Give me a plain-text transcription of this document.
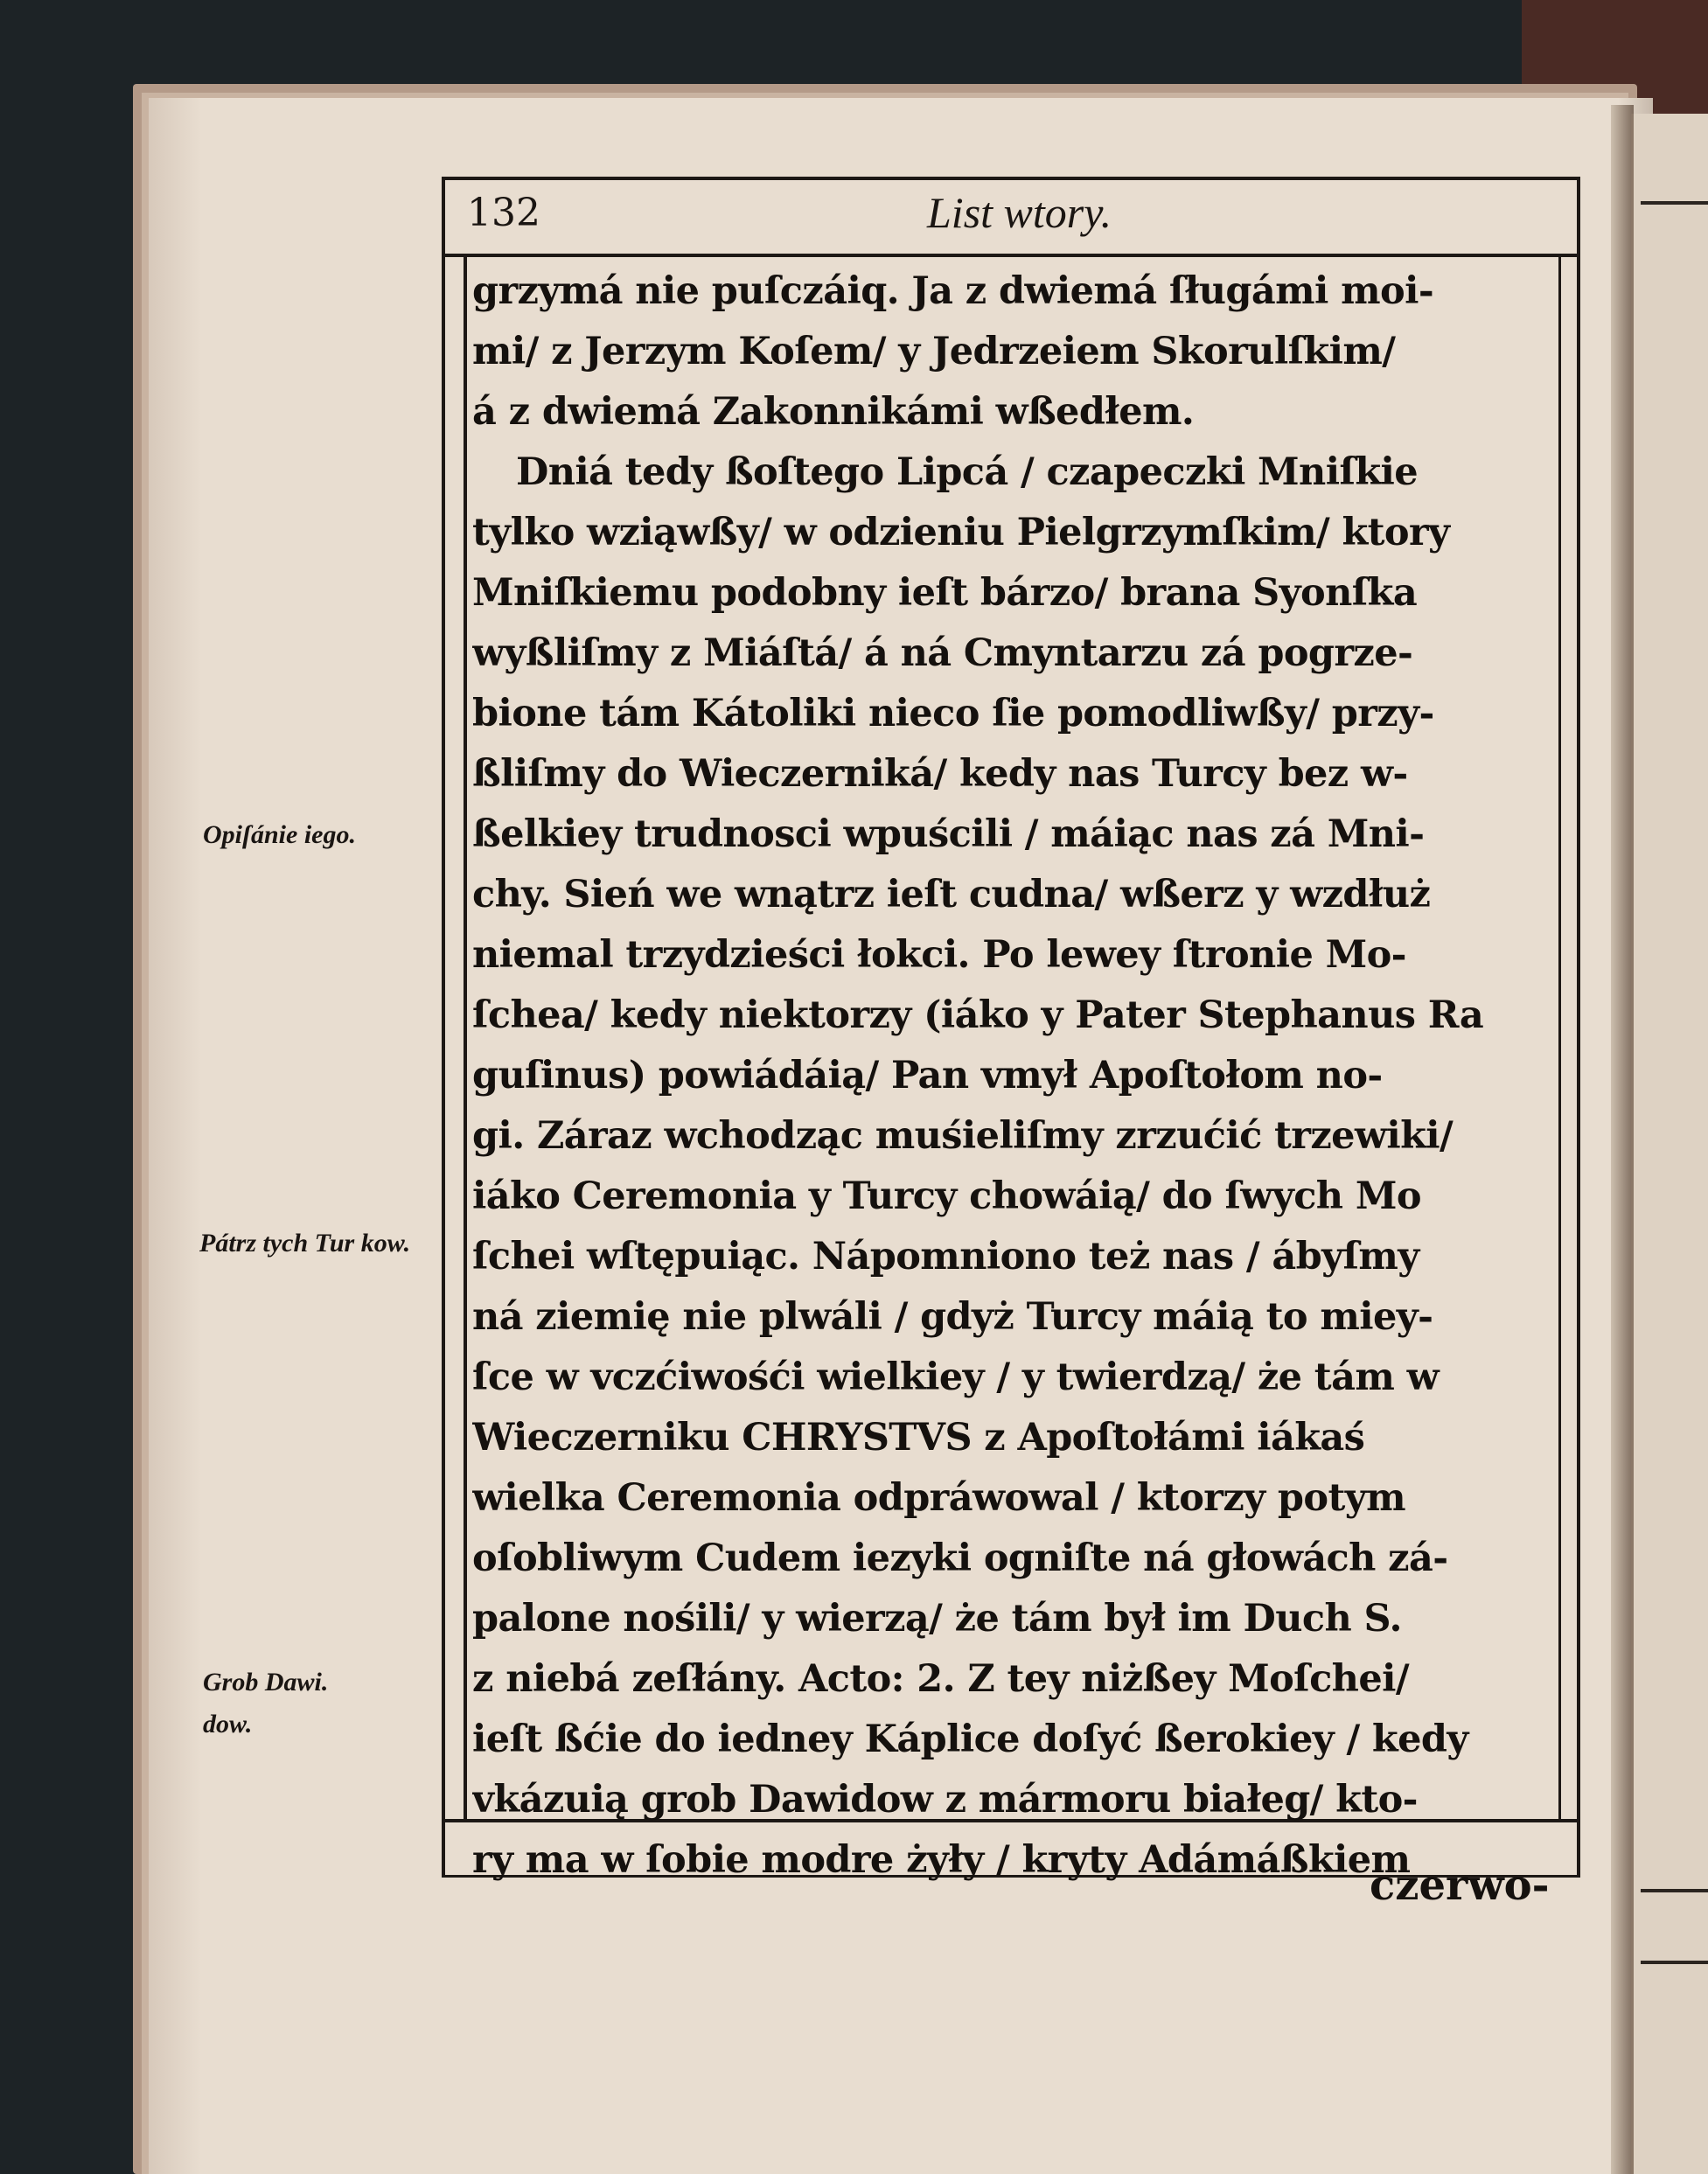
132	List wtory.
grzymá nie puſczáiq. Ja z dwiemá ſługámi moi-
mi/ z Jerzym Koſem/ y Jedrzeiem Skorulſkim/
á z dwiemá Zakonnikámi wßedłem.
Dniá tedy ßoſtego Lipcá / czapeczki Mniſkie
tylko wziąwßy/ w odzieniu Pielgrzymſkim/ ktory
Mniſkiemu podobny ieſt bárzo/ brana Syonſka
wyßliſmy z Miáſtá/ á ná Cmyntarzu zá pogrze-
bione tám Kátoliki nieco ſie pomodliwßy/ przy-
ßliſmy do Wieczerniká/ kedy nas Turcy bez w-
ßelkiey trudnosci wpuścili / máiąc nas zá Mni-
chy. Sień we wnątrz ieſt cudna/ wßerz y wzdłuż
niemal trzydzieści łokci. Po lewey ſtronie Mo-
ſchea/ kedy niektorzy (iáko y Pater Stephanus Ra
guſinus) powiádáią/ Pan vmył Apoſtołom no-
gi. Záraz wchodząc muśieliſmy zrzućić trzewiki/
iáko Ceremonia y Turcy chowáią/ do ſwych Mo
ſchei wſtępuiąc. Nápomniono też nas / ábyſmy
ná ziemię nie plwáli / gdyż Turcy máią to miey-
ſce w vczćiwośći wielkiey / y twierdzą/ że tám w
Wieczerniku CHRYSTVS z Apoſtołámi iákaś
wielka Ceremonia odpráwowal / ktorzy potym
oſobliwym Cudem iezyki ogniſte ná głowách zá-
palone nośili/ y wierzą/ że tám był im Duch S.
z niebá zeſłány. Acto: 2. Z tey niżßey Moſchei/
ieſt ßćie do iedney Káplice doſyć ßerokiey / kedy
vkázuią grob Dawidow z mármoru białeg/ kto-
ry ma w ſobie modre żyły / kryty Adámáßkiem
czerwo-
Opiſánie iego.
Pátrz tych Tur kow.
Grob Dawi. dow.
